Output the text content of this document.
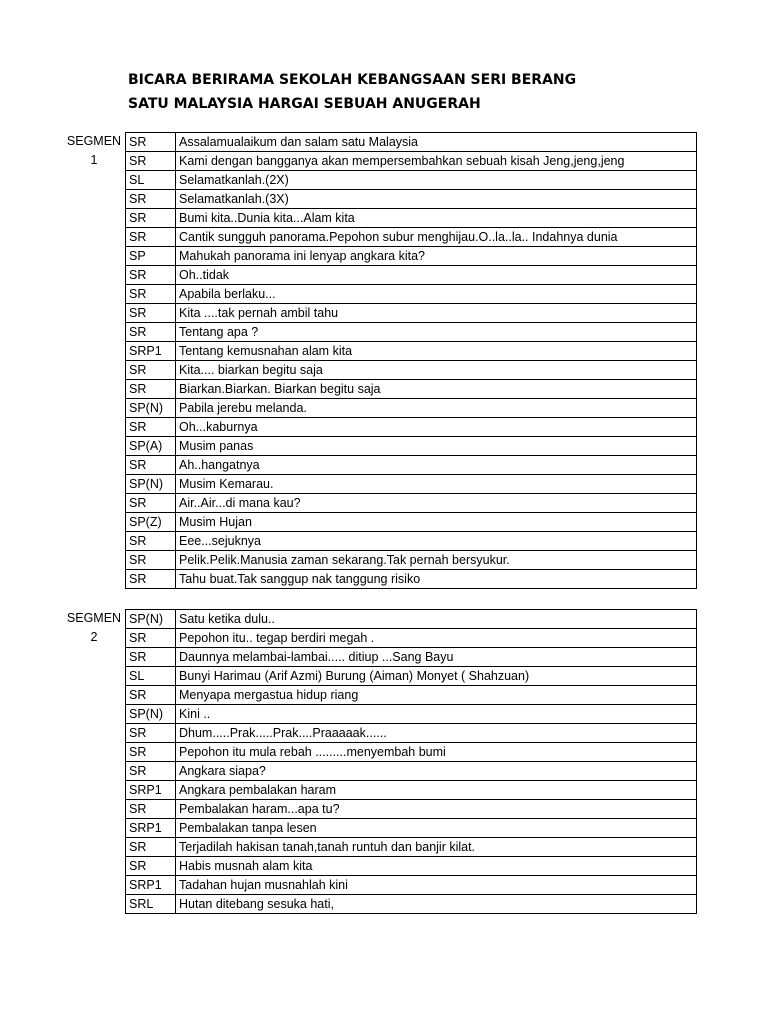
BICARA BERIRAMA SEKOLAH KEBANGSAAN SERI BERANG
SATU MALAYSIA HARGAI SEBUAH ANUGERAH
SEGMEN
1
SR	Assalamualaikum dan salam satu Malaysia
SR	Kami dengan bangganya akan mempersembahkan sebuah kisah Jeng,jeng,jeng
SL	Selamatkanlah.(2X)
SR	Selamatkanlah.(3X)
SR	Bumi kita..Dunia kita...Alam kita
SR	Cantik sungguh panorama.Pepohon subur menghijau.O..la..la.. Indahnya dunia
SP	Mahukah panorama ini lenyap angkara kita?
SR	Oh..tidak
SR	Apabila berlaku...
SR	Kita ....tak pernah ambil tahu
SR	Tentang apa ?
SRP1	Tentang kemusnahan alam kita
SR	Kita.... biarkan begitu saja
SR	Biarkan.Biarkan. Biarkan begitu saja
SP(N)	Pabila jerebu melanda.
SR	Oh...kaburnya
SP(A)	Musim panas
SR	Ah..hangatnya
SP(N)	Musim Kemarau.
SR	Air..Air...di mana kau?
SP(Z)	Musim Hujan
SR	Eee...sejuknya
SR	Pelik.Pelik.Manusia zaman sekarang.Tak pernah bersyukur.
SR	Tahu buat.Tak sanggup nak tanggung risiko
SEGMEN
2
SP(N)	Satu ketika dulu..
SR	Pepohon itu.. tegap berdiri megah .
SR	Daunnya melambai-lambai..... ditiup ...Sang Bayu
SL	Bunyi Harimau (Arif Azmi) Burung (Aiman) Monyet ( Shahzuan)
SR	Menyapa mergastua hidup riang
SP(N)	Kini ..
SR	Dhum.....Prak.....Prak....Praaaaak......
SR	Pepohon itu mula rebah .........menyembah bumi
SR	Angkara siapa?
SRP1	Angkara pembalakan haram
SR	Pembalakan haram...apa tu?
SRP1	Pembalakan tanpa lesen
SR	Terjadilah hakisan tanah,tanah runtuh dan banjir kilat.
SR	Habis musnah alam kita
SRP1	Tadahan hujan musnahlah kini
SRL	Hutan ditebang sesuka hati,
